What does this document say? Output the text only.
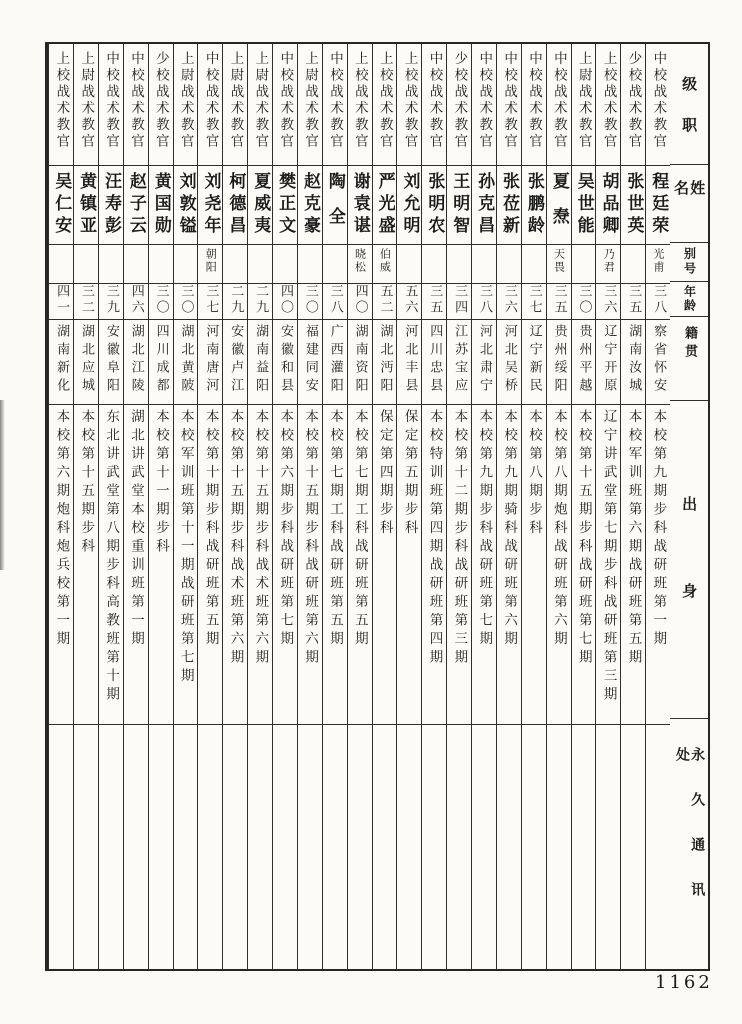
级职
姓名
别号
年龄
籍贯
出身
永久通讯处
中校战术教官
程廷荣
光甫
三八
察省怀安
本校第九期步科战研班第一期
少校战术教官
张世英
三五
湖南汝城
本校军训班第六期战研班第五期
上校战术教官
胡品卿
乃君
三六
辽宁开原
辽宁讲武堂第七期步科战研班第三期
上尉战术教官
吴世能
三〇
贵州平越
本校第十五期步科战研班第七期
中校战术教官
夏焘
天畏
三五
贵州绥阳
本校第八期炮科战研班第六期
中校战术教官
张鹏龄
三七
辽宁新民
本校第八期步科
中校战术教官
张莅新
三六
河北吴桥
本校第九期骑科战研班第六期
中校战术教官
孙克昌
三八
河北肃宁
本校第九期步科战研班第七期
少校战术教官
王明智
三四
江苏宝应
本校第十二期步科战研班第三期
中校战术教官
张明农
三五
四川忠县
本校特训班第四期战研班第四期
上校战术教官
刘允明
五六
河北丰县
保定第五期步科
上校战术教官
严光盛
伯威
五二
湖北沔阳
保定第四期步科
上校战术教官
谢袁谌
晓松
四〇
湖南资阳
本校第七期工科战研班第五期
中校战术教官
陶全
三八
广西灌阳
本校第七期工科战研班第五期
上尉战术教官
赵克豪
三〇
福建同安
本校第十五期步科战研班第六期
中校战术教官
樊正文
四〇
安徽和县
本校第六期步科战研班第七期
上尉战术教官
夏威夷
二九
湖南益阳
本校第十五期步科战术班第六期
上尉战术教官
柯德昌
二九
安徽卢江
本校第十五期步科战术班第六期
中校战术教官
刘尧年
朝阳
三七
河南唐河
本校第十期步科战研班第五期
上尉战术教官
刘敦镒
三〇
湖北黄陂
本校军训班第十一期战研班第七期
少校战术教官
黄国勋
三〇
四川成都
本校第十一期步科
中校战术教官
赵子云
四六
湖北江陵
湖北讲武堂本校重训班第一期
中校战术教官
汪寿彭
三九
安徽阜阳
东北讲武堂第八期步科高教班第十期
上尉战术教官
黄镇亚
三二
湖北应城
本校第十五期步科
上校战术教官
吴仁安
四一
湖南新化
本校第六期炮科炮兵校第一期
1162
